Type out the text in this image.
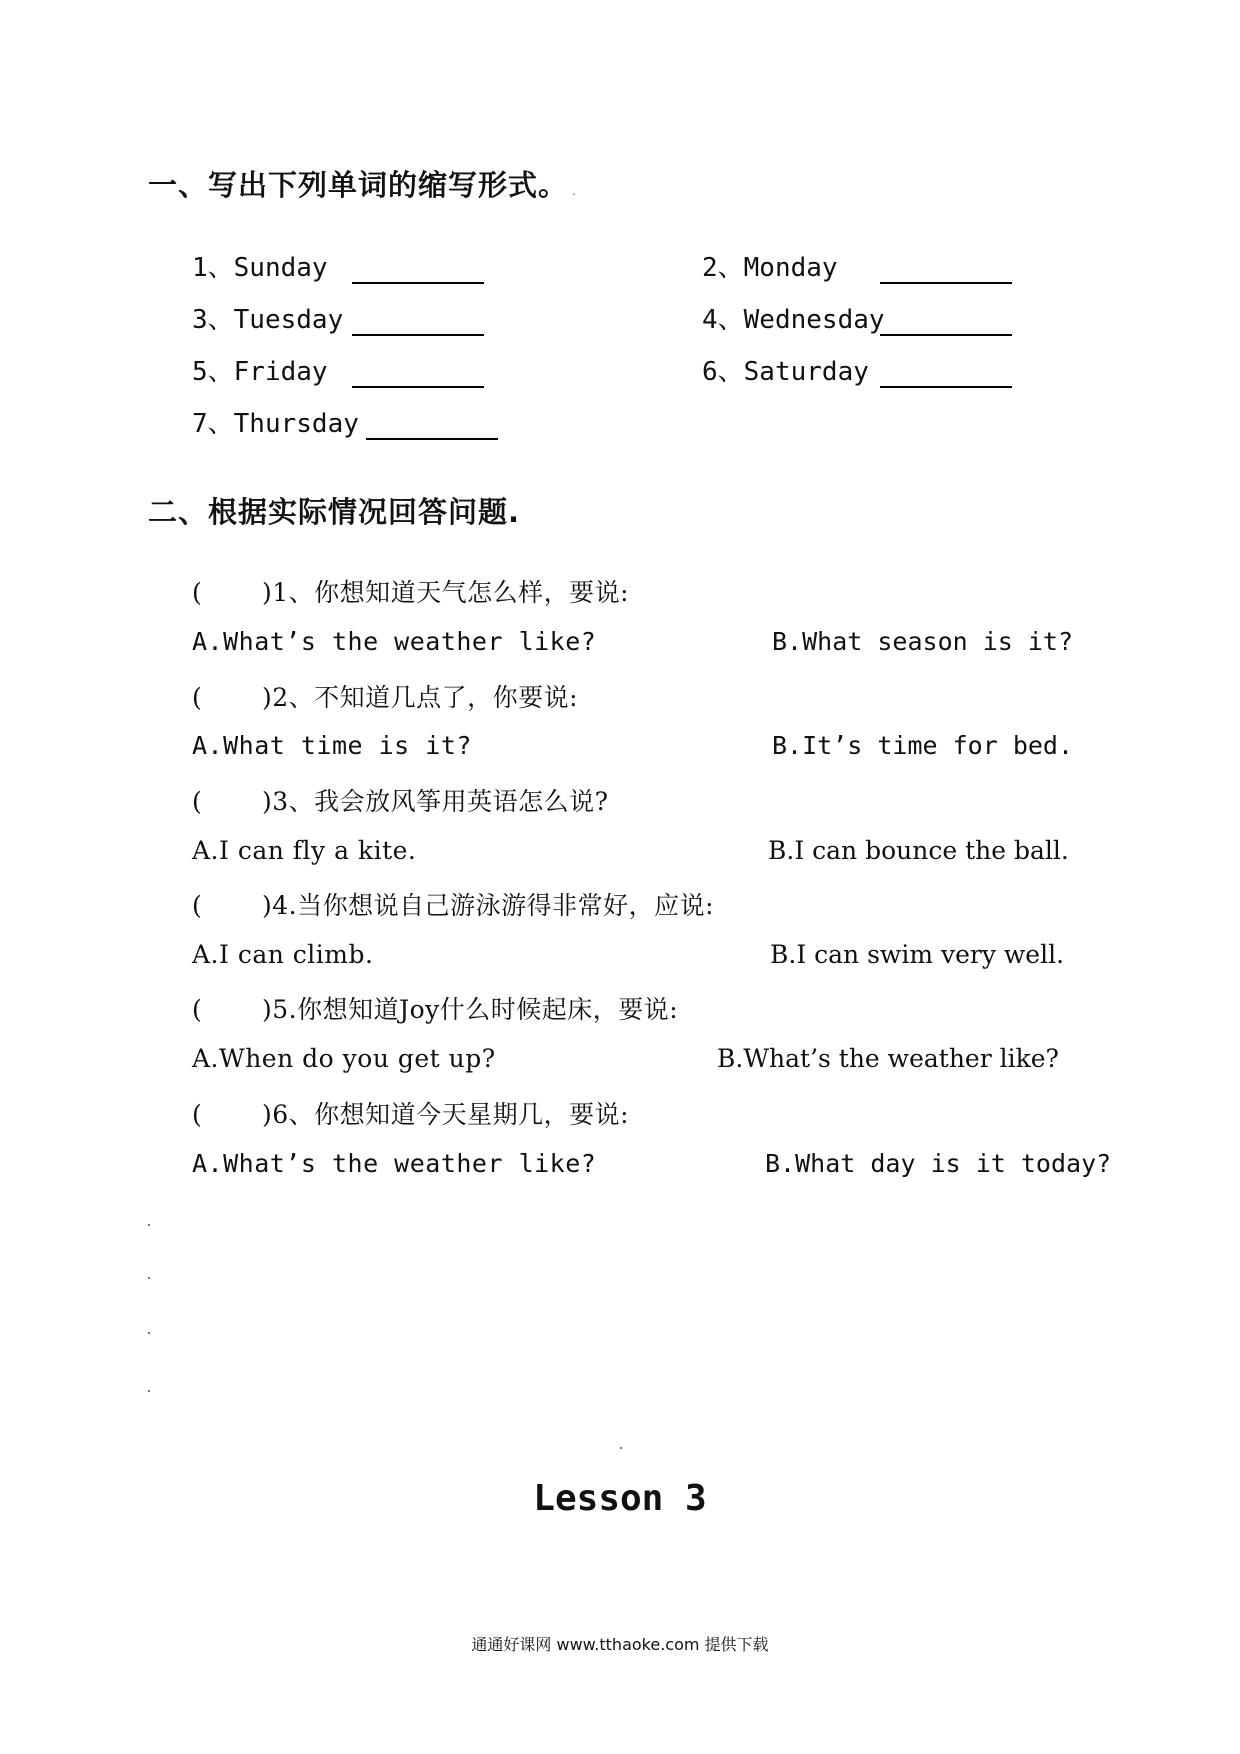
一、写出下列单词的缩写形式。 .
1、Sunday	2、Monday
3、Tuesday	4、Wednesday
5、Friday	6、Saturday
7、Thursday
二、根据实际情况回答问题.
( )1、你想知道天气怎么样，要说:
A.What’s the weather like?	B.What season is it?
( )2、不知道几点了，你要说:
A.What time is it?	B.It’s time for bed.
( )3、我会放风筝用英语怎么说?
A.I can fly a kite.	B.I can bounce the ball.
( )4.当你想说自己游泳游得非常好，应说:
A.I can climb.	B.I can swim very well.
( )5.你想知道Joy什么时候起床，要说:
A.When do you get up?	B.What’s the weather like?
( )6、你想知道今天星期几，要说:
A.What’s the weather like?	B.What day is it today?
Lesson 3
通通好课网 www.tthaoke.com 提供下载
